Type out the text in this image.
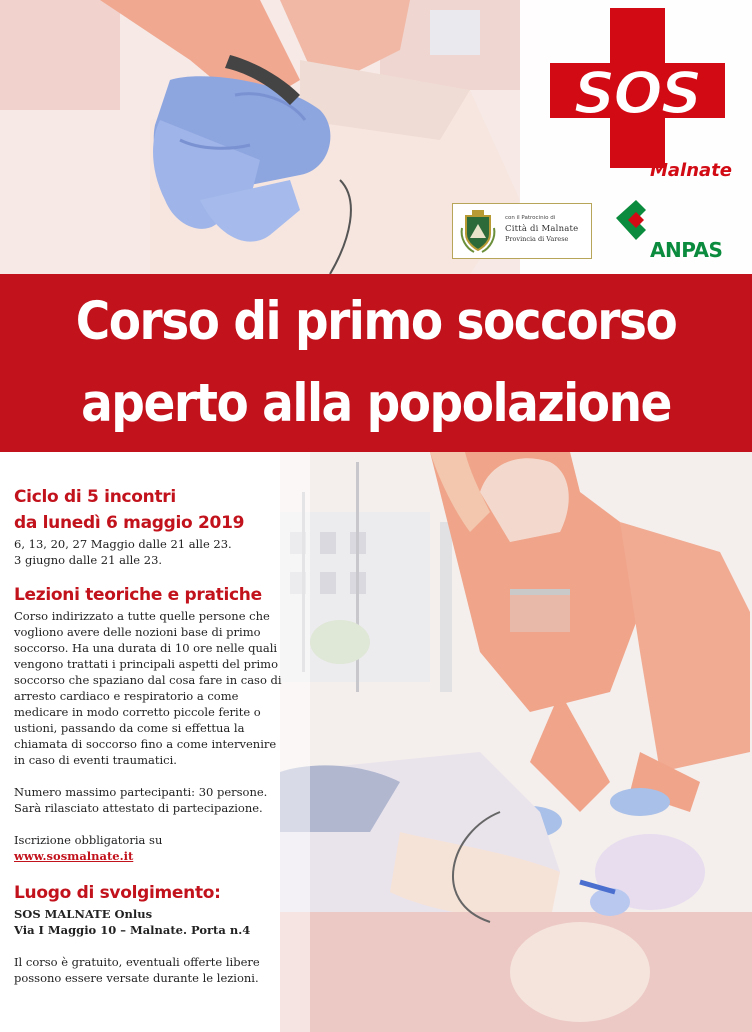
SOS
Malnate
con il Patrocinio di
Città di Malnate
Provincia di Varese	ANPAS
Corso di primo soccorso
aperto alla popolazione

Ciclo di 5 incontri

da lunedì 6 maggio 2019

6, 13, 20, 27 Maggio dalle 21 alle 23.

3 giugno dalle 21 alle 23.

Lezioni teoriche e pratiche

Corso indirizzato a tutte quelle persone che vogliono avere delle nozioni base di primo soccorso. Ha una durata di 10 ore nelle quali vengono trattati i principali aspetti del primo soccorso che spaziano dal cosa fare in caso di arresto cardiaco e respiratorio a come medicare in modo corretto piccole ferite o ustioni, passando da come si effettua la chiamata di soccorso fino a come intervenire in caso di eventi traumatici.

Numero massimo partecipanti: 30 persone. Sarà rilasciato attestato di partecipazione.

Iscrizione obbligatoria su

www.sosmalnate.it

Luogo di svolgimento:

SOS MALNATE Onlus

Via I Maggio 10 – Malnate. Porta n.4

Il corso è gratuito, eventuali offerte libere possono essere versate durante le lezioni.
